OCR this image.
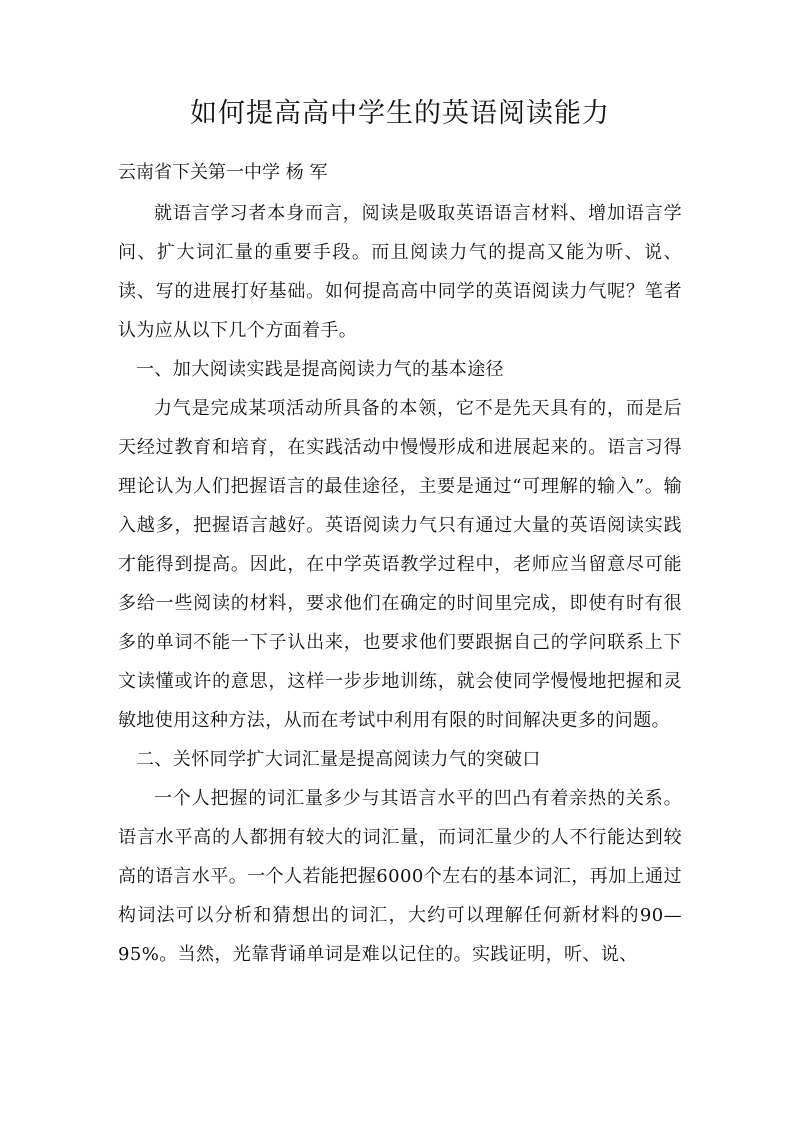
如何提高高中学生的英语阅读能力

云南省下关第一中学 杨 军

就语言学习者本身而言，阅读是吸取英语语言材料、增加语言学问、扩大词汇量的重要手段。而且阅读力气的提高又能为听、说、读、写的进展打好基础。如何提高高中同学的英语阅读力气呢？笔者认为应从以下几个方面着手。

一、加大阅读实践是提高阅读力气的基本途径

力气是完成某项活动所具备的本领，它不是先天具有的，而是后天经过教育和培育，在实践活动中慢慢形成和进展起来的。语言习得理论认为人们把握语言的最佳途径，主要是通过“可理解的输入”。输入越多，把握语言越好。英语阅读力气只有通过大量的英语阅读实践才能得到提高。因此，在中学英语教学过程中，老师应当留意尽可能多给一些阅读的材料，要求他们在确定的时间里完成，即使有时有很多的单词不能一下子认出来，也要求他们要跟据自己的学问联系上下文读懂或许的意思，这样一步步地训练，就会使同学慢慢地把握和灵敏地使用这种方法，从而在考试中利用有限的时间解决更多的问题。

二、关怀同学扩大词汇量是提高阅读力气的突破口

一个人把握的词汇量多少与其语言水平的凹凸有着亲热的关系。语言水平高的人都拥有较大的词汇量，而词汇量少的人不行能达到较高的语言水平。一个人若能把握6000个左右的基本词汇，再加上通过构词法可以分析和猜想出的词汇，大约可以理解任何新材料的90—95%。当然，光靠背诵单词是难以记住的。实践证明，听、说、
